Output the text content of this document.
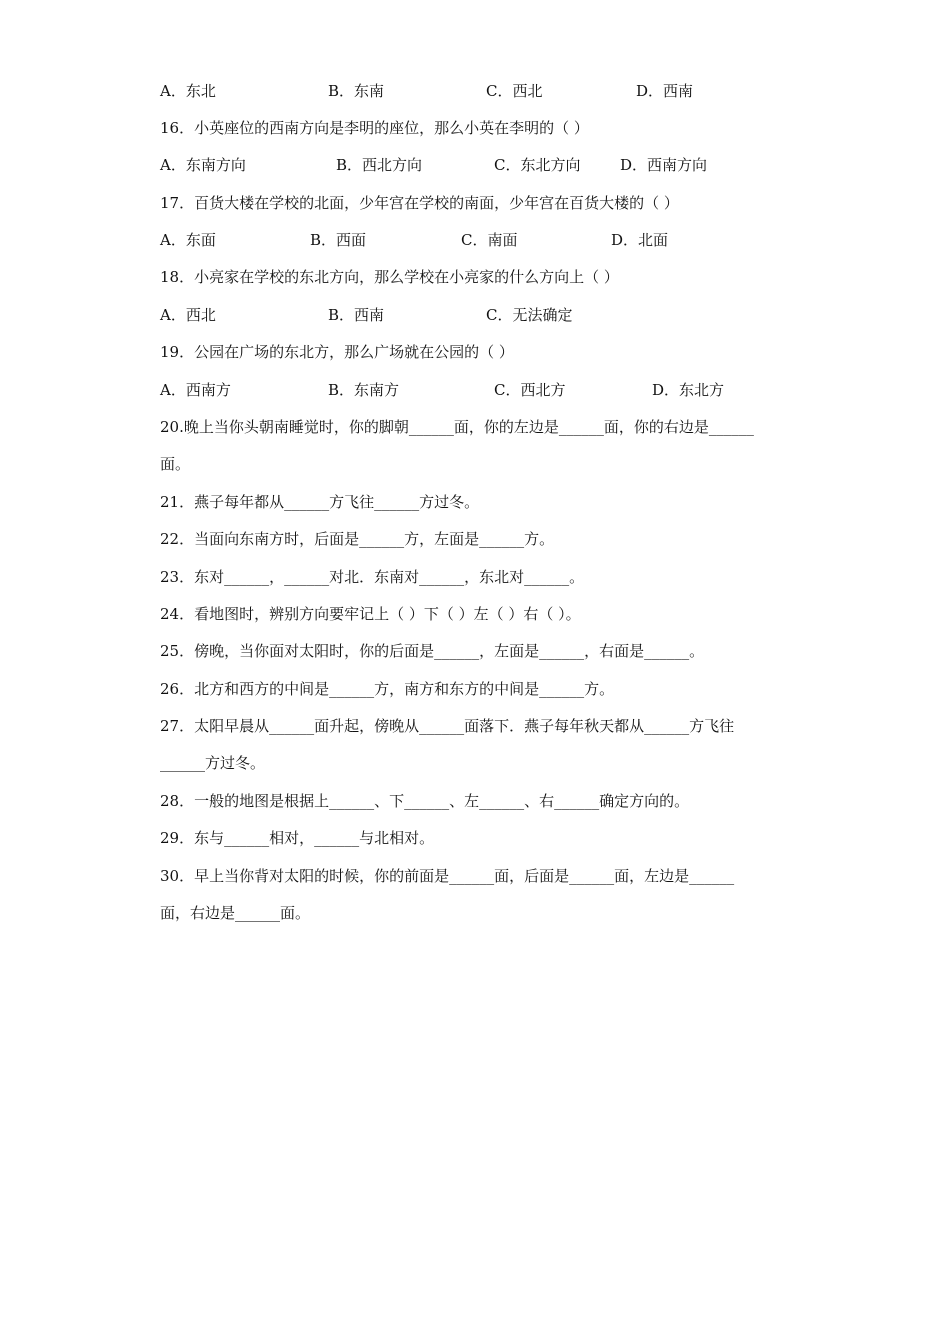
A．东北	B．东南	C．西北	D．西南
16．小英座位的西南方向是李明的座位，那么小英在李明的（ ）
A．东南方向	B．西北方向	C．东北方向	D．西南方向
17．百货大楼在学校的北面，少年宫在学校的南面，少年宫在百货大楼的（ ）
A．东面	B．西面	C．南面	D．北面
18．小亮家在学校的东北方向，那么学校在小亮家的什么方向上（ ）
A．西北	B．西南	C．无法确定
19．公园在广场的东北方，那么广场就在公园的（ ）
A．西南方	B．东南方	C．西北方	D．东北方
20.晚上当你头朝南睡觉时，你的脚朝______面，你的左边是______面，你的右边是______
面。
21．燕子每年都从______方飞往______方过冬。
22．当面向东南方时，后面是______方，左面是______方。
23．东对______，______对北．东南对______，东北对______。
24．看地图时，辨别方向要牢记上（ ）下（ ）左（ ）右（ ）。
25．傍晚，当你面对太阳时，你的后面是______，左面是______，右面是______。
26．北方和西方的中间是______方，南方和东方的中间是______方。
27．太阳早晨从______面升起，傍晚从______面落下．燕子每年秋天都从______方飞往
______方过冬。
28．一般的地图是根据上______、下______、左______、右______确定方向的。
29．东与______相对，______与北相对。
30．早上当你背对太阳的时候，你的前面是______面，后面是______面，左边是______
面，右边是______面。
